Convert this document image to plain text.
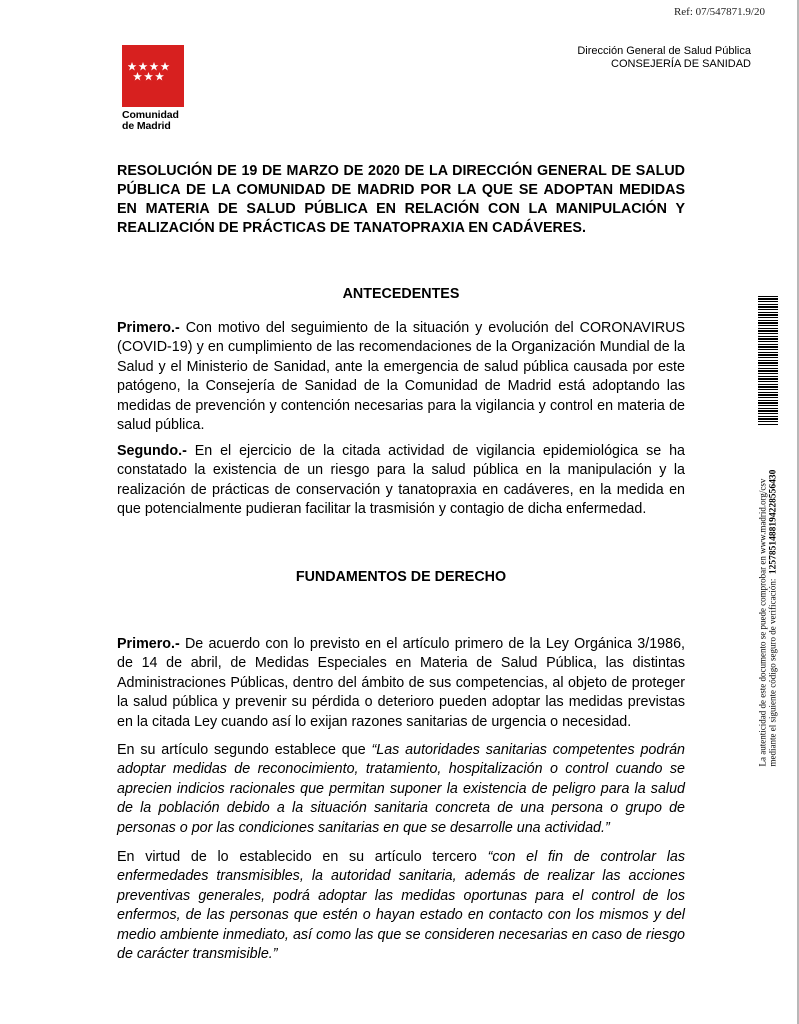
Ref: 07/547871.9/20
Comunidad
de Madrid
Dirección General de Salud Pública
CONSEJERÍA DE SANIDAD
RESOLUCIÓN DE 19 DE MARZO DE 2020 DE LA DIRECCIÓN GENERAL DE SALUD PÚBLICA DE LA COMUNIDAD DE MADRID POR LA QUE SE ADOPTAN MEDIDAS EN MATERIA DE SALUD PÚBLICA EN RELACIÓN CON LA MANIPULACIÓN Y REALIZACIÓN DE PRÁCTICAS DE TANATOPRAXIA EN CADÁVERES.
ANTECEDENTES
Primero.- Con motivo del seguimiento de la situación y evolución del CORONAVIRUS (COVID-19) y en cumplimiento de las recomendaciones de la Organización Mundial de la Salud y el Ministerio de Sanidad, ante la emergencia de salud pública causada por este patógeno, la Consejería de Sanidad de la Comunidad de Madrid está adoptando las medidas de prevención y contención necesarias para la vigilancia y control en materia de salud pública.
Segundo.- En el ejercicio de la citada actividad de vigilancia epidemiológica se ha constatado la existencia de un riesgo para la salud pública en la manipulación y la realización de prácticas de conservación y tanatopraxia en cadáveres, en la medida en que potencialmente pudieran facilitar la trasmisión y contagio de dicha enfermedad.
FUNDAMENTOS DE DERECHO
Primero.- De acuerdo con lo previsto en el artículo primero de la Ley Orgánica 3/1986, de 14 de abril, de Medidas Especiales en Materia de Salud Pública, las distintas Administraciones Públicas, dentro del ámbito de sus competencias, al objeto de proteger la salud pública y prevenir su pérdida o deterioro pueden adoptar las medidas previstas en la citada Ley cuando así lo exijan razones sanitarias de urgencia o necesidad.
En su artículo segundo establece que “Las autoridades sanitarias competentes podrán adoptar medidas de reconocimiento, tratamiento, hospitalización o control cuando se aprecien indicios racionales que permitan suponer la existencia de peligro para la salud de la población debido a la situación sanitaria concreta de una persona o grupo de personas o por las condiciones sanitarias en que se desarrolle una actividad.”
En virtud de lo establecido en su artículo tercero “con el fin de controlar las enfermedades transmisibles, la autoridad sanitaria, además de realizar las acciones preventivas generales, podrá adoptar las medidas oportunas para el control de los enfermos, de las personas que estén o hayan estado en contacto con los mismos y del medio ambiente inmediato, así como las que se consideren necesarias en caso de riesgo de carácter transmisible.”
La autenticidad de este documento se puede comprobar en www.madrid.org/csv mediante el siguiente código seguro de verificación:  1257851488194228556430
